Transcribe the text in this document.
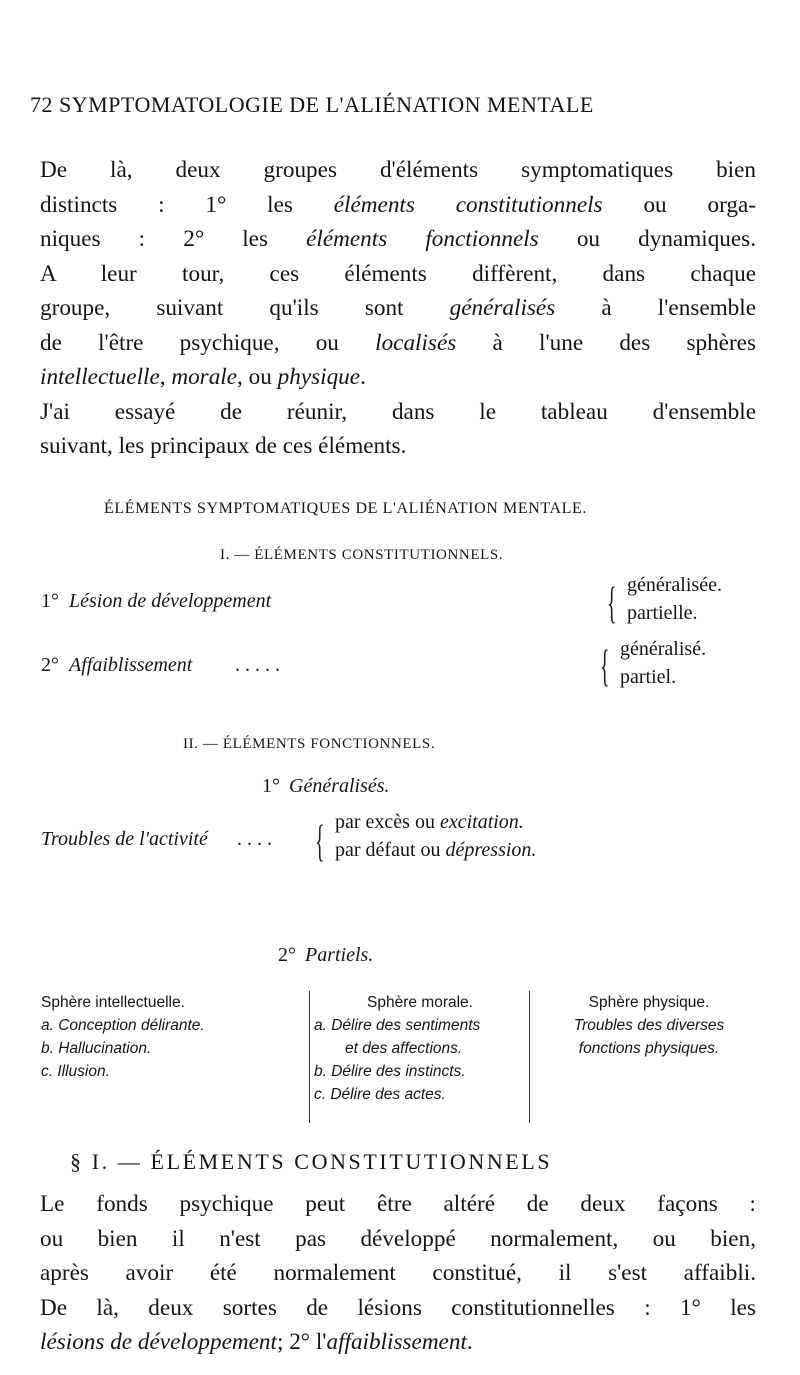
72 SYMPTOMATOLOGIE DE L'ALIÉNATION MENTALE
De là, deux groupes d'éléments symptomatiques bien
distincts : 1° les éléments constitutionnels ou orga-
niques : 2° les éléments fonctionnels ou dynamiques.
A leur tour, ces éléments diffèrent, dans chaque
groupe, suivant qu'ils sont généralisés à l'ensemble
de l'être psychique, ou localisés à l'une des sphères
intellectuelle, morale, ou physique.
J'ai essayé de réunir, dans le tableau d'ensemble
suivant, les principaux de ces éléments.
ÉLÉMENTS SYMPTOMATIQUES DE L'ALIÉNATION MENTALE.
I. — ÉLÉMENTS CONSTITUTIONNELS.
1° Lésion de développement	{ généralisée.
partielle.
2° Affaiblissement . . . . .	{ généralisé.
partiel.
II. — ÉLÉMENTS FONCTIONNELS.
1° Généralisés.
Troubles de l'activité . . . . { par excès ou excitation.
par défaut ou dépression.
2° Partiels.
Sphère intellectuelle.
a. Conception délirante.
b. Hallucination.
c. Illusion.
Sphère morale.
a. Délire des sentiments
et des affections.
b. Délire des instincts.
c. Délire des actes.
Sphère physique.
Troubles des diverses
fonctions physiques.
§ I. — ÉLÉMENTS CONSTITUTIONNELS
Le fonds psychique peut être altéré de deux façons :
ou bien il n'est pas développé normalement, ou bien,
après avoir été normalement constitué, il s'est affaibli.
De là, deux sortes de lésions constitutionnelles : 1° les
lésions de développement; 2° l'affaiblissement.
